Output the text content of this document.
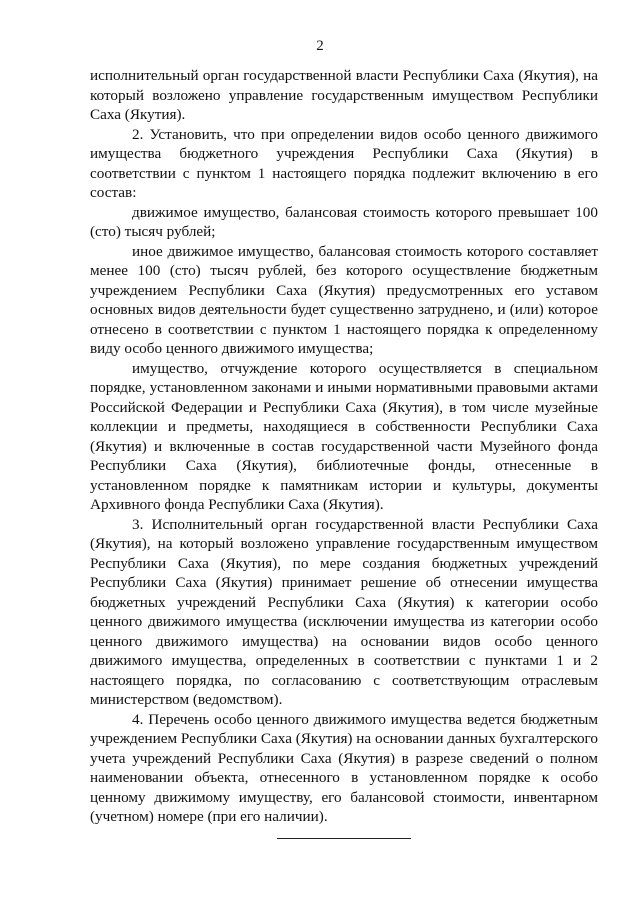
2

исполнительный орган государственной власти Республики Саха (Якутия), на который возложено управление государственным имуществом Республики Саха (Якутия).

2. Установить, что при определении видов особо ценного движимого имущества бюджетного учреждения Республики Саха (Якутия) в соответствии с пунктом 1 настоящего порядка подлежит включению в его состав:

движимое имущество, балансовая стоимость которого превышает 100 (сто) тысяч рублей;

иное движимое имущество, балансовая стоимость которого составляет менее 100 (сто) тысяч рублей, без которого осуществление бюджетным учреждением Республики Саха (Якутия) предусмотренных его уставом основных видов деятельности будет существенно затруднено, и (или) которое отнесено в соответствии с пунктом 1 настоящего порядка к определенному виду особо ценного движимого имущества;

имущество, отчуждение которого осуществляется в специальном порядке, установленном законами и иными нормативными правовыми актами Российской Федерации и Республики Саха (Якутия), в том числе музейные коллекции и предметы, находящиеся в собственности Республики Саха (Якутия) и включенные в состав государственной части Музейного фонда Республики Саха (Якутия), библиотечные фонды, отнесенные в установленном порядке к памятникам истории и культуры, документы Архивного фонда Республики Саха (Якутия).

3. Исполнительный орган государственной власти Республики Саха (Якутия), на который возложено управление государственным имуществом Республики Саха (Якутия), по мере создания бюджетных учреждений Республики Саха (Якутия) принимает решение об отнесении имущества бюджетных учреждений Республики Саха (Якутия) к категории особо ценного движимого имущества (исключении имущества из категории особо ценного движимого имущества) на основании видов особо ценного движимого имущества, определенных в соответствии с пунктами 1 и 2 настоящего порядка, по согласованию с соответствующим отраслевым министерством (ведомством).

4. Перечень особо ценного движимого имущества ведется бюджетным учреждением Республики Саха (Якутия) на основании данных бухгалтерского учета учреждений Республики Саха (Якутия) в разрезе сведений о полном наименовании объекта, отнесенного в установленном порядке к особо ценному движимому имуществу, его балансовой стоимости, инвентарном (учетном) номере (при его наличии).
